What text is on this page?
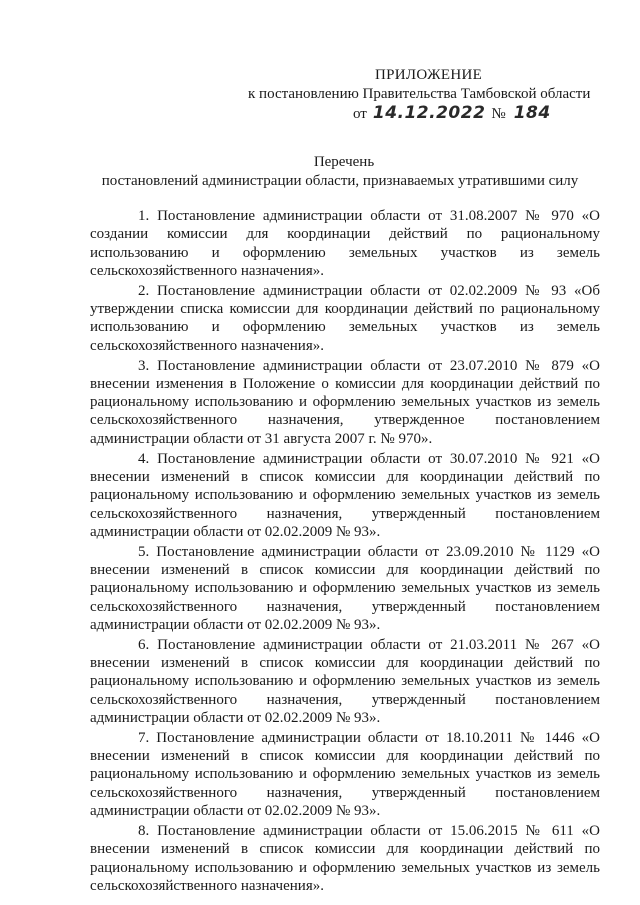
ПРИЛОЖЕНИЕ
к постановлению Правительства Тамбовской области
от 14.12.2022 № 184
Перечень
постановлений администрации области, признаваемых утратившими силу

1. Постановление администрации области от 31.08.2007 № 970 «О создании комиссии для координации действий по рациональному использованию и оформлению земельных участков из земель сельскохозяйственного назначения».

2. Постановление администрации области от 02.02.2009 № 93 «Об утверждении списка комиссии для координации действий по рациональному использованию и оформлению земельных участков из земель сельскохозяйственного назначения».

3. Постановление администрации области от 23.07.2010 № 879 «О внесении изменения в Положение о комиссии для координации действий по рациональному использованию и оформлению земельных участков из земель сельскохозяйственного назначения, утвержденное постановлением администрации области от 31 августа 2007 г. № 970».

4. Постановление администрации области от 30.07.2010 № 921 «О внесении изменений в список комиссии для координации действий по рациональному использованию и оформлению земельных участков из земель сельскохозяйственного назначения, утвержденный постановлением администрации области от 02.02.2009 № 93».

5. Постановление администрации области от 23.09.2010 № 1129 «О внесении изменений в список комиссии для координации действий по рациональному использованию и оформлению земельных участков из земель сельскохозяйственного назначения, утвержденный постановлением администрации области от 02.02.2009 № 93».

6. Постановление администрации области от 21.03.2011 № 267 «О внесении изменений в список комиссии для координации действий по рациональному использованию и оформлению земельных участков из земель сельскохозяйственного назначения, утвержденный постановлением администрации области от 02.02.2009 № 93».

7. Постановление администрации области от 18.10.2011 № 1446 «О внесении изменений в список комиссии для координации действий по рациональному использованию и оформлению земельных участков из земель сельскохозяйственного назначения, утвержденный постановлением администрации области от 02.02.2009 № 93».

8. Постановление администрации области от 15.06.2015 № 611 «О внесении изменений в список комиссии для координации действий по рациональному использованию и оформлению земельных участков из земель сельскохозяйственного назначения».
